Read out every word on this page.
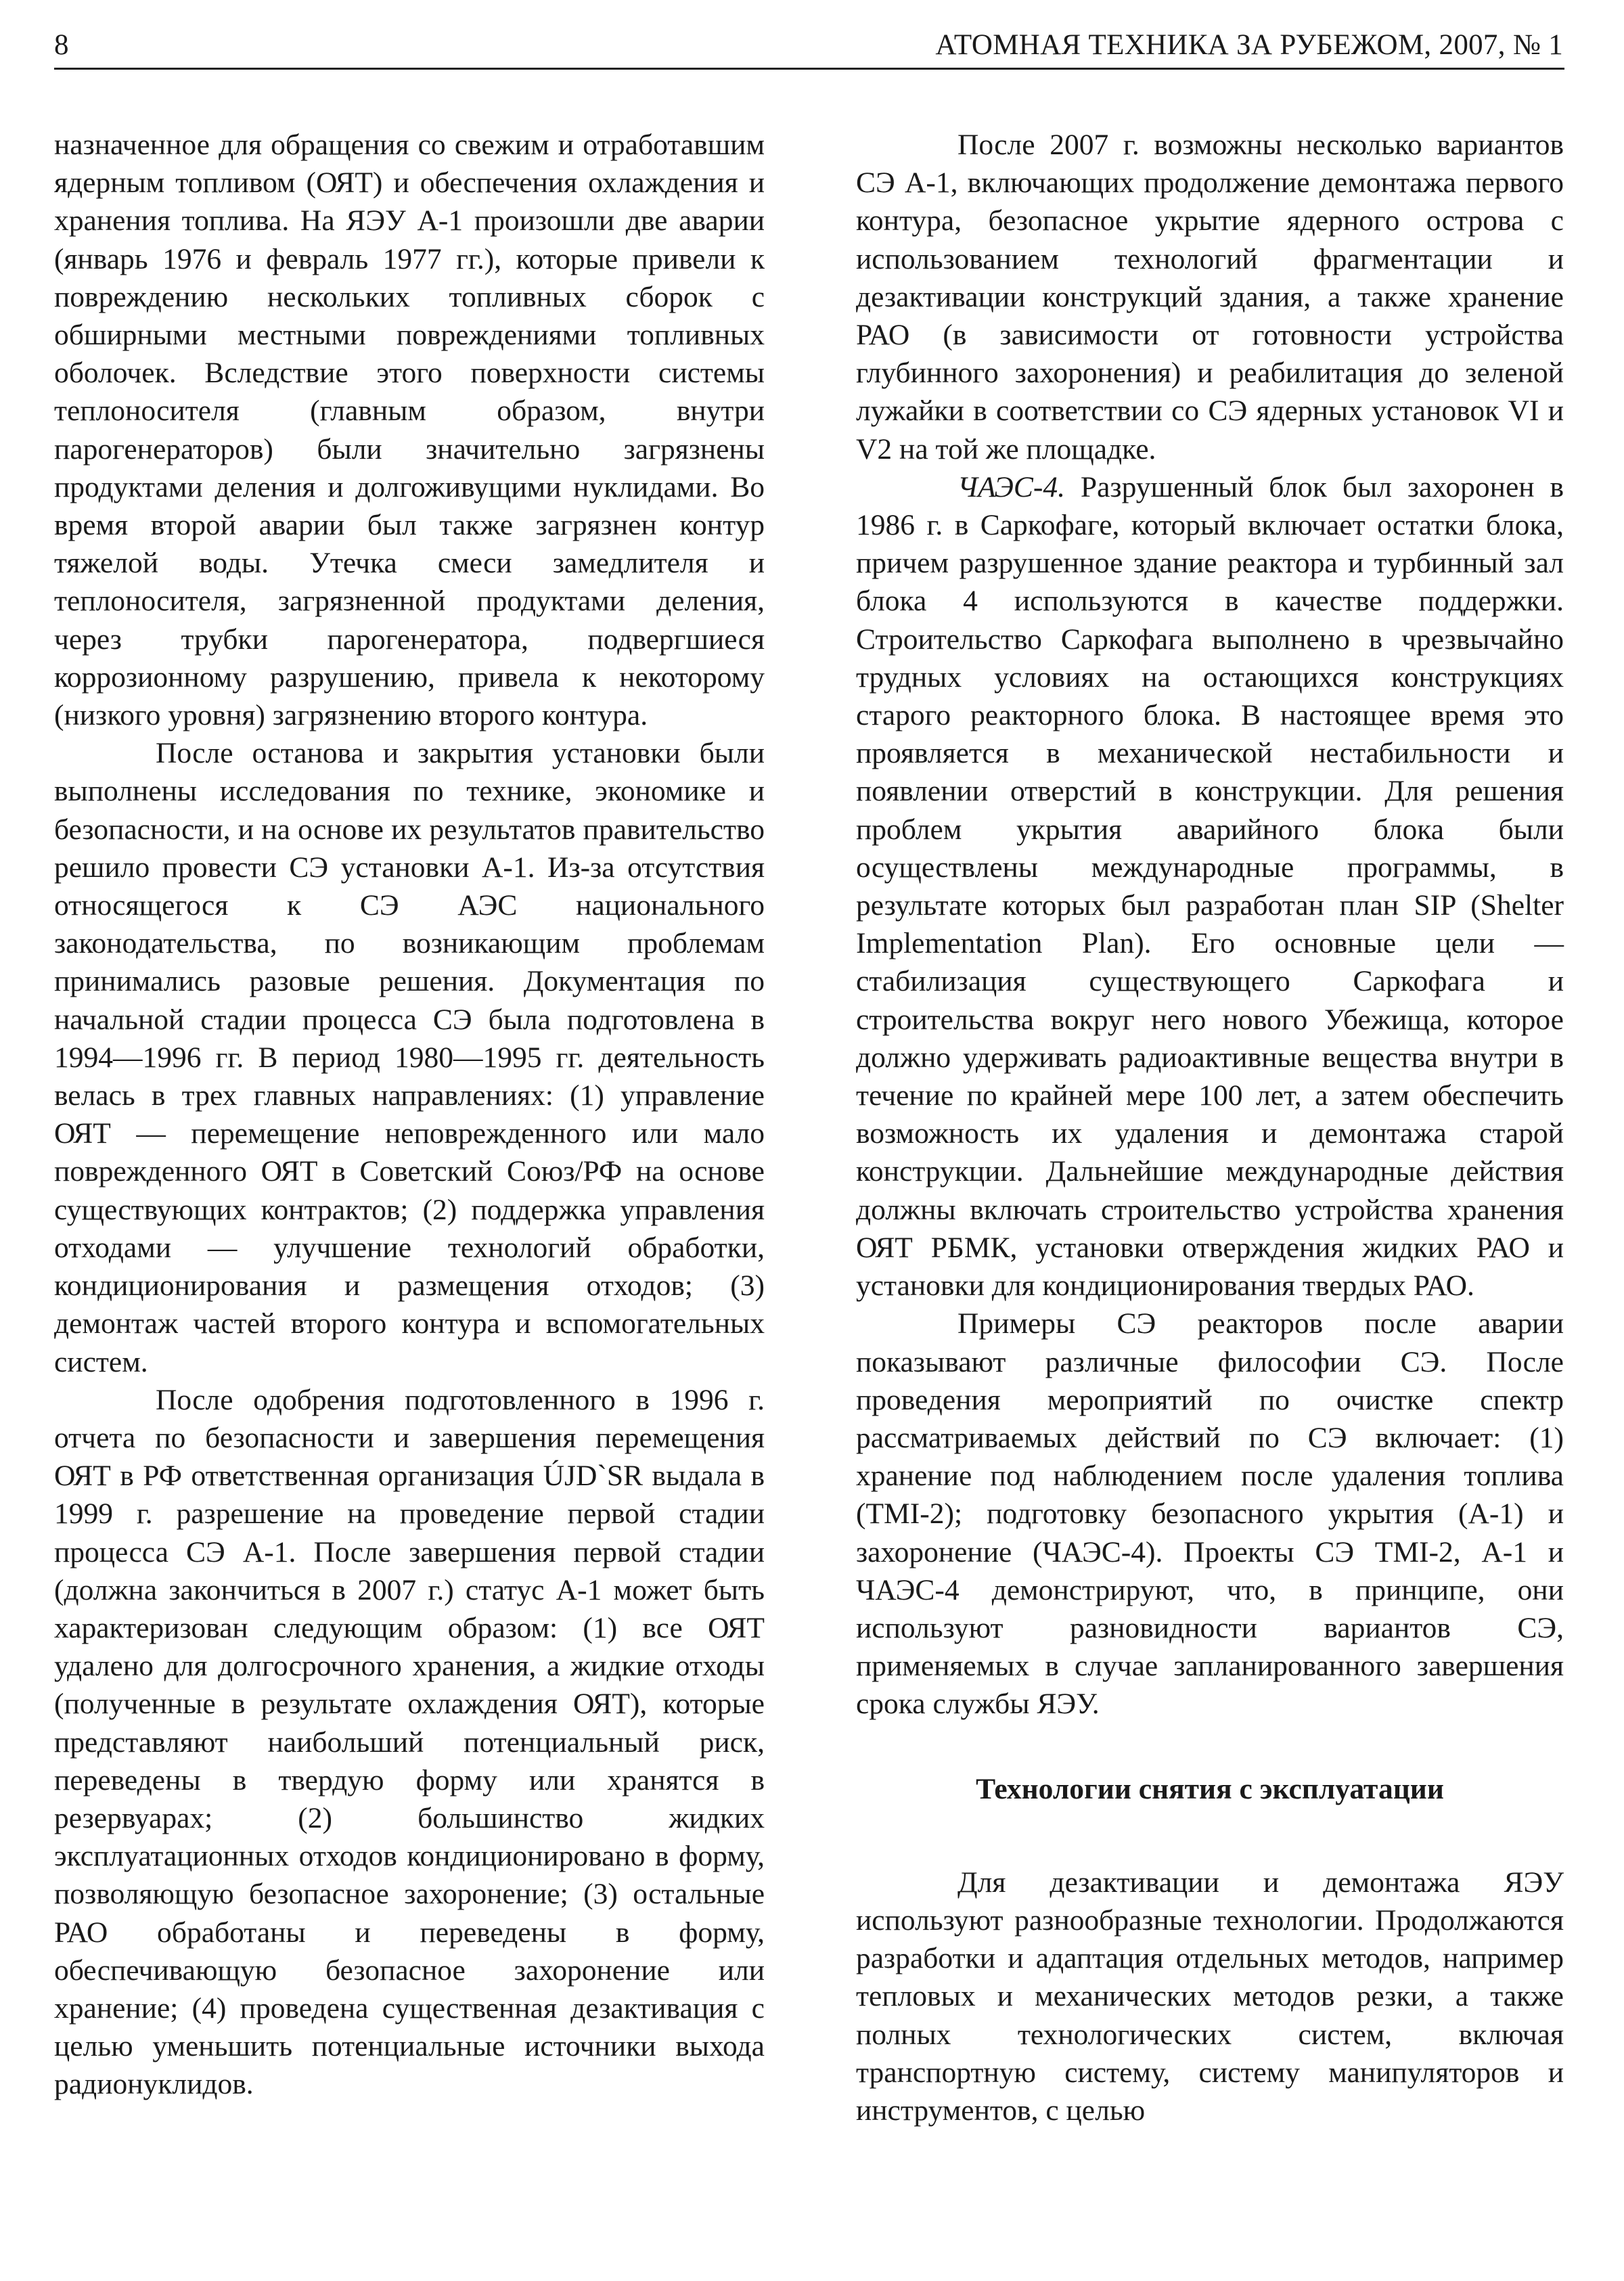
8	АТОМНАЯ ТЕХНИКА ЗА РУБЕЖОМ, 2007, № 1

назначенное для обращения со свежим и отработавшим ядерным топливом (ОЯТ) и обеспечения охлаждения и хранения топлива. На ЯЭУ А-1 произошли две аварии (январь 1976 и февраль 1977 гг.), которые привели к повреждению нескольких топливных сборок с обширными местными повреждениями топливных оболочек. Вследствие этого поверхности системы теплоносителя (главным образом, внутри парогенераторов) были значительно загрязнены продуктами деления и долгоживущими нуклидами. Во время второй аварии был также загрязнен контур тяжелой воды. Утечка смеси замедлителя и теплоносителя, загрязненной продуктами деления, через трубки парогенератора, подвергшиеся коррозионному разрушению, привела к некоторому (низкого уровня) загрязнению второго контура.

После останова и закрытия установки были выполнены исследования по технике, экономике и безопасности, и на основе их результатов правительство решило провести СЭ установки А-1. Из-за отсутствия относящегося к СЭ АЭС национального законодательства, по возникающим проблемам принимались разовые решения. Документация по начальной стадии процесса СЭ была подготовлена в 1994—1996 гг. В период 1980—1995 гг. деятельность велась в трех главных направлениях: (1) управление ОЯТ — перемещение неповрежденного или мало поврежденного ОЯТ в Советский Союз/РФ на основе существующих контрактов; (2) поддержка управления отходами — улучшение технологий обработки, кондиционирования и размещения отходов; (3) демонтаж частей второго контура и вспомогательных систем.

После одобрения подготовленного в 1996 г. отчета по безопасности и завершения перемещения ОЯТ в РФ ответственная организация ÚJD`SR выдала в 1999 г. разрешение на проведение первой стадии процесса СЭ А-1. После завершения первой стадии (должна закончиться в 2007 г.) статус А-1 может быть характеризован следующим образом: (1) все ОЯТ удалено для долгосрочного хранения, а жидкие отходы (полученные в результате охлаждения ОЯТ), которые представляют наибольший потенциальный риск, переведены в твердую форму или хранятся в резервуарах; (2) большинство жидких эксплуатационных отходов кондиционировано в форму, позволяющую безопасное захоронение; (3) остальные РАО обработаны и переведены в форму, обеспечивающую безопасное захоронение или хранение; (4) проведена существенная дезактивация с целью уменьшить потенциальные источники выхода радионуклидов.

После 2007 г. возможны несколько вариантов СЭ А-1, включающих продолжение демонтажа первого контура, безопасное укрытие ядерного острова с использованием технологий фрагментации и дезактивации конструкций здания, а также хранение РАО (в зависимости от готовности устройства глубинного захоронения) и реабилитация до зеленой лужайки в соответствии со СЭ ядерных установок VI и V2 на той же площадке.

ЧАЭС-4. Разрушенный блок был захоронен в 1986 г. в Саркофаге, который включает остатки блока, причем разрушенное здание реактора и турбинный зал блока 4 используются в качестве поддержки. Строительство Саркофага выполнено в чрезвычайно трудных условиях на остающихся конструкциях старого реакторного блока. В настоящее время это проявляется в механической нестабильности и появлении отверстий в конструкции. Для решения проблем укрытия аварийного блока были осуществлены международные программы, в результате которых был разработан план SIP (Shelter Implementation Plan). Его основные цели — стабилизация существующего Саркофага и строительства вокруг него нового Убежища, которое должно удерживать радиоактивные вещества внутри в течение по крайней мере 100 лет, а затем обеспечить возможность их удаления и демонтажа старой конструкции. Дальнейшие международные действия должны включать строительство устройства хранения ОЯТ РБМК, установки отверждения жидких РАО и установки для кондиционирования твердых РАО.

Примеры СЭ реакторов после аварии показывают различные философии СЭ. После проведения мероприятий по очистке спектр рассматриваемых действий по СЭ включает: (1) хранение под наблюдением после удаления топлива (TMI-2); подготовку безопасного укрытия (А-1) и захоронение (ЧАЭС-4). Проекты СЭ TMI-2, А-1 и ЧАЭС-4 демонстрируют, что, в принципе, они используют разновидности вариантов СЭ, применяемых в случае запланированного завершения срока службы ЯЭУ.

Технологии снятия с эксплуатации

Для дезактивации и демонтажа ЯЭУ используют разнообразные технологии. Продолжаются разработки и адаптация отдельных методов, например тепловых и механических методов резки, а также полных технологических систем, включая транспортную систему, систему манипуляторов и инструментов, с целью
